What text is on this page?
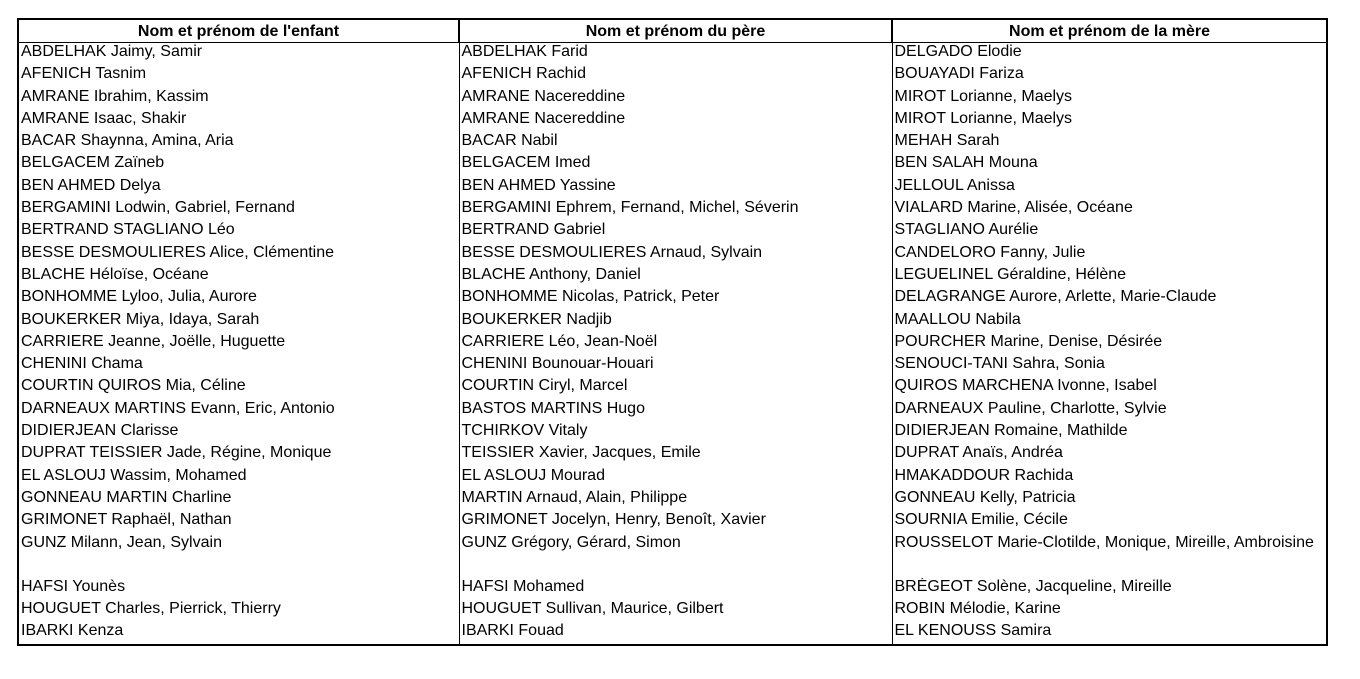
Nom et prénom de l'enfant	Nom et prénom du père	Nom et prénom de la mère
ABDELHAK Jaimy, Samir	ABDELHAK Farid	DELGADO Elodie
AFENICH Tasnim	AFENICH Rachid	BOUAYADI Fariza
AMRANE Ibrahim, Kassim	AMRANE Nacereddine	MIROT Lorianne, Maelys
AMRANE Isaac, Shakir	AMRANE Nacereddine	MIROT Lorianne, Maelys
BACAR Shaynna, Amina, Aria	BACAR Nabil	MEHAH Sarah
BELGACEM Zaïneb	BELGACEM Imed	BEN SALAH Mouna
BEN AHMED Delya	BEN AHMED Yassine	JELLOUL Anissa
BERGAMINI Lodwin, Gabriel, Fernand	BERGAMINI Ephrem, Fernand, Michel, Séverin	VIALARD Marine, Alisée, Océane
BERTRAND STAGLIANO Léo	BERTRAND Gabriel	STAGLIANO Aurélie
BESSE DESMOULIERES Alice, Clémentine	BESSE DESMOULIERES Arnaud, Sylvain	CANDELORO Fanny, Julie
BLACHE Héloïse, Océane	BLACHE Anthony, Daniel	LEGUELINEL Géraldine, Hélène
BONHOMME Lyloo, Julia, Aurore	BONHOMME Nicolas, Patrick, Peter	DELAGRANGE Aurore, Arlette, Marie-Claude
BOUKERKER Miya, Idaya, Sarah	BOUKERKER Nadjib	MAALLOU Nabila
CARRIERE Jeanne, Joëlle, Huguette	CARRIERE Léo, Jean-Noël	POURCHER Marine, Denise, Désirée
CHENINI Chama	CHENINI Bounouar-Houari	SENOUCI-TANI Sahra, Sonia
COURTIN QUIROS Mia, Céline	COURTIN Ciryl, Marcel	QUIROS MARCHENA Ivonne, Isabel
DARNEAUX MARTINS Evann, Eric, Antonio	BASTOS MARTINS Hugo	DARNEAUX Pauline, Charlotte, Sylvie
DIDIERJEAN Clarisse	TCHIRKOV Vitaly	DIDIERJEAN Romaine, Mathilde
DUPRAT TEISSIER Jade, Régine, Monique	TEISSIER Xavier, Jacques, Emile	DUPRAT Anaïs, Andréa
EL ASLOUJ Wassim, Mohamed	EL ASLOUJ Mourad	HMAKADDOUR Rachida
GONNEAU MARTIN Charline	MARTIN Arnaud, Alain, Philippe	GONNEAU Kelly, Patricia
GRIMONET Raphaël, Nathan	GRIMONET Jocelyn, Henry, Benoît, Xavier	SOURNIA Emilie, Cécile
GUNZ Milann, Jean, Sylvain	GUNZ Grégory, Gérard, Simon	ROUSSELOT Marie-Clotilde, Monique, Mireille, Ambroisine
HAFSI Younès	HAFSI Mohamed	BRÉGEOT Solène, Jacqueline, Mireille
HOUGUET Charles, Pierrick, Thierry	HOUGUET Sullivan, Maurice, Gilbert	ROBIN Mélodie, Karine
IBARKI Kenza	IBARKI Fouad	EL KENOUSS Samira
